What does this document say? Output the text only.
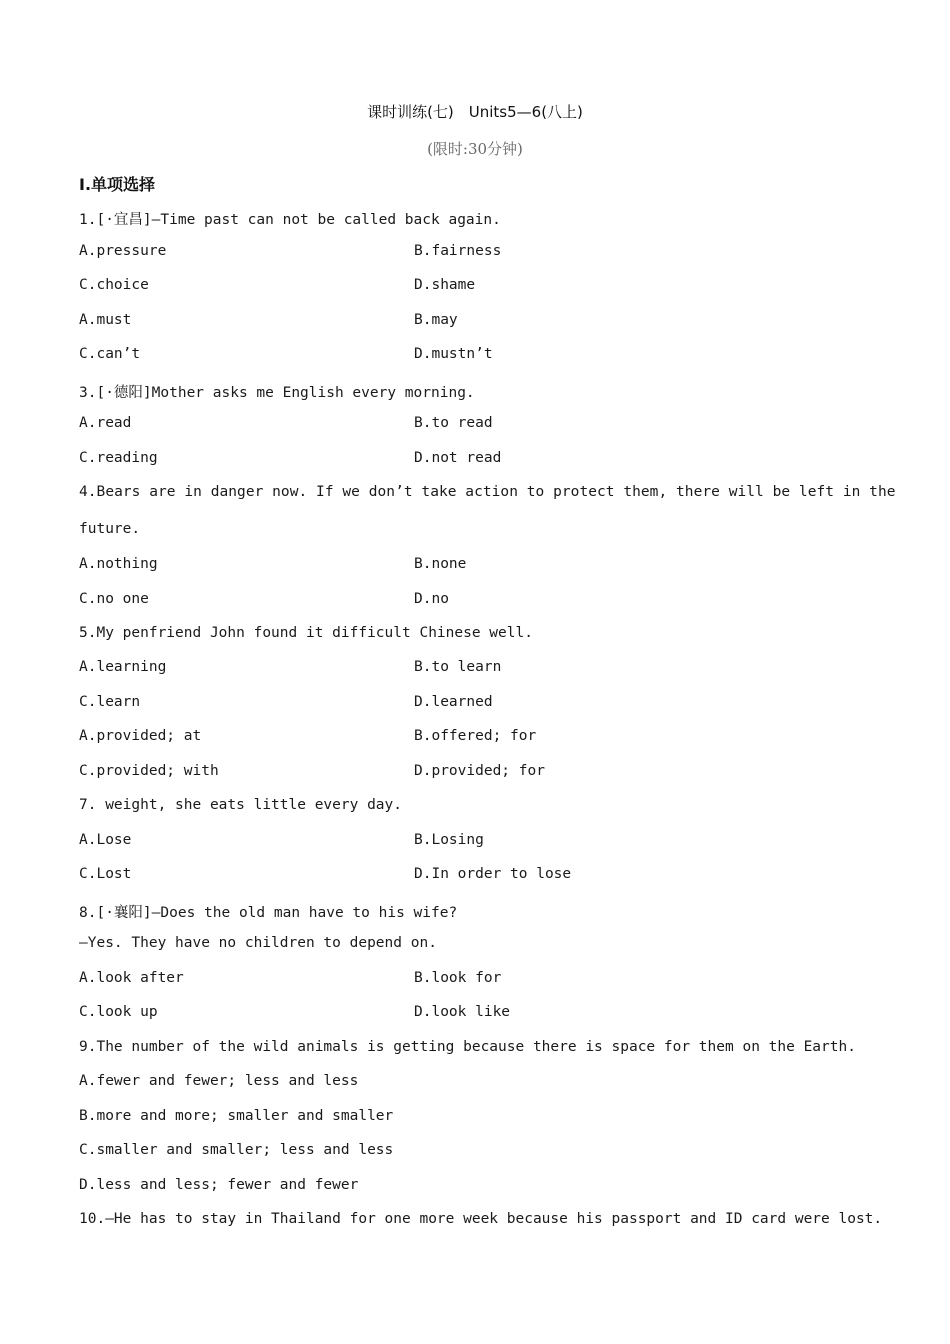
课时训练(七)　Units5—6(八上)
(限时:30分钟)
Ⅰ.单项选择
1.[·宜昌]—Time past can not be called back again.
A.pressure	B.fairness
C.choice	D.shame
A.must	B.may
C.can’t	D.mustn’t
3.[·德阳]Mother asks me English every morning.
A.read	B.to read
C.reading	D.not read
4.Bears are in danger now. If we don’t take action to protect them, there will be left in the
future.
A.nothing	B.none
C.no one	D.no
5.My penfriend John found it difficult Chinese well.
A.learning	B.to learn
C.learn	D.learned
A.provided; at	B.offered; for
C.provided; with	D.provided; for
7. weight, she eats little every day.
A.Lose	B.Losing
C.Lost	D.In order to lose
8.[·襄阳]—Does the old man have to his wife?
—Yes. They have no children to depend on.
A.look after	B.look for
C.look up	D.look like
9.The number of the wild animals is getting because there is space for them on the Earth.
A.fewer and fewer; less and less
B.more and more; smaller and smaller
C.smaller and smaller; less and less
D.less and less; fewer and fewer
10.—He has to stay in Thailand for one more week because his passport and ID card were lost.
